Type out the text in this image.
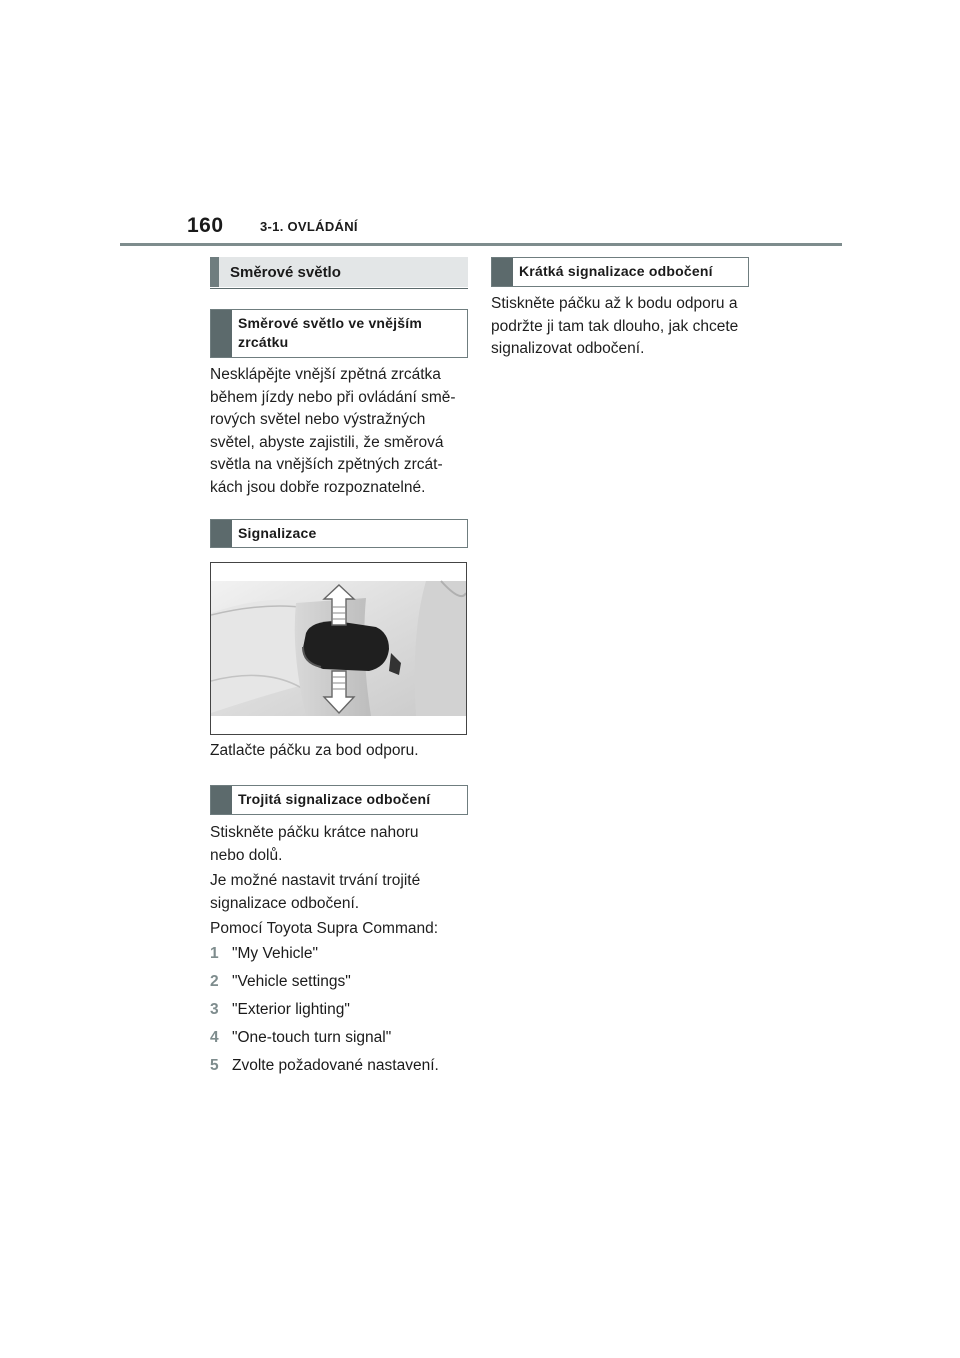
160	3-1. OVLÁDÁNÍ
Směrové světlo
Směrové světlo ve vnějším zrcátku
Nesklápějte vnější zpětná zrcátka během jízdy nebo při ovládání smě-rových světel nebo výstražných světel, abyste zajistili, že směrová světla na vnějších zpětných zrcát-kách jsou dobře rozpoznatelné.
Signalizace
Zatlačte páčku za bod odporu.
Trojitá signalizace odbočení
Stiskněte páčku krátce nahoru nebo dolů.
Je možné nastavit trvání trojité signalizace odbočení.
Pomocí Toyota Supra Command:
1 "My Vehicle"
2 "Vehicle settings"
3 "Exterior lighting"
4 "One-touch turn signal"
5 Zvolte požadované nastavení.
Krátká signalizace odbočení
Stiskněte páčku až k bodu odporu a podržte ji tam tak dlouho, jak chcete signalizovat odbočení.
